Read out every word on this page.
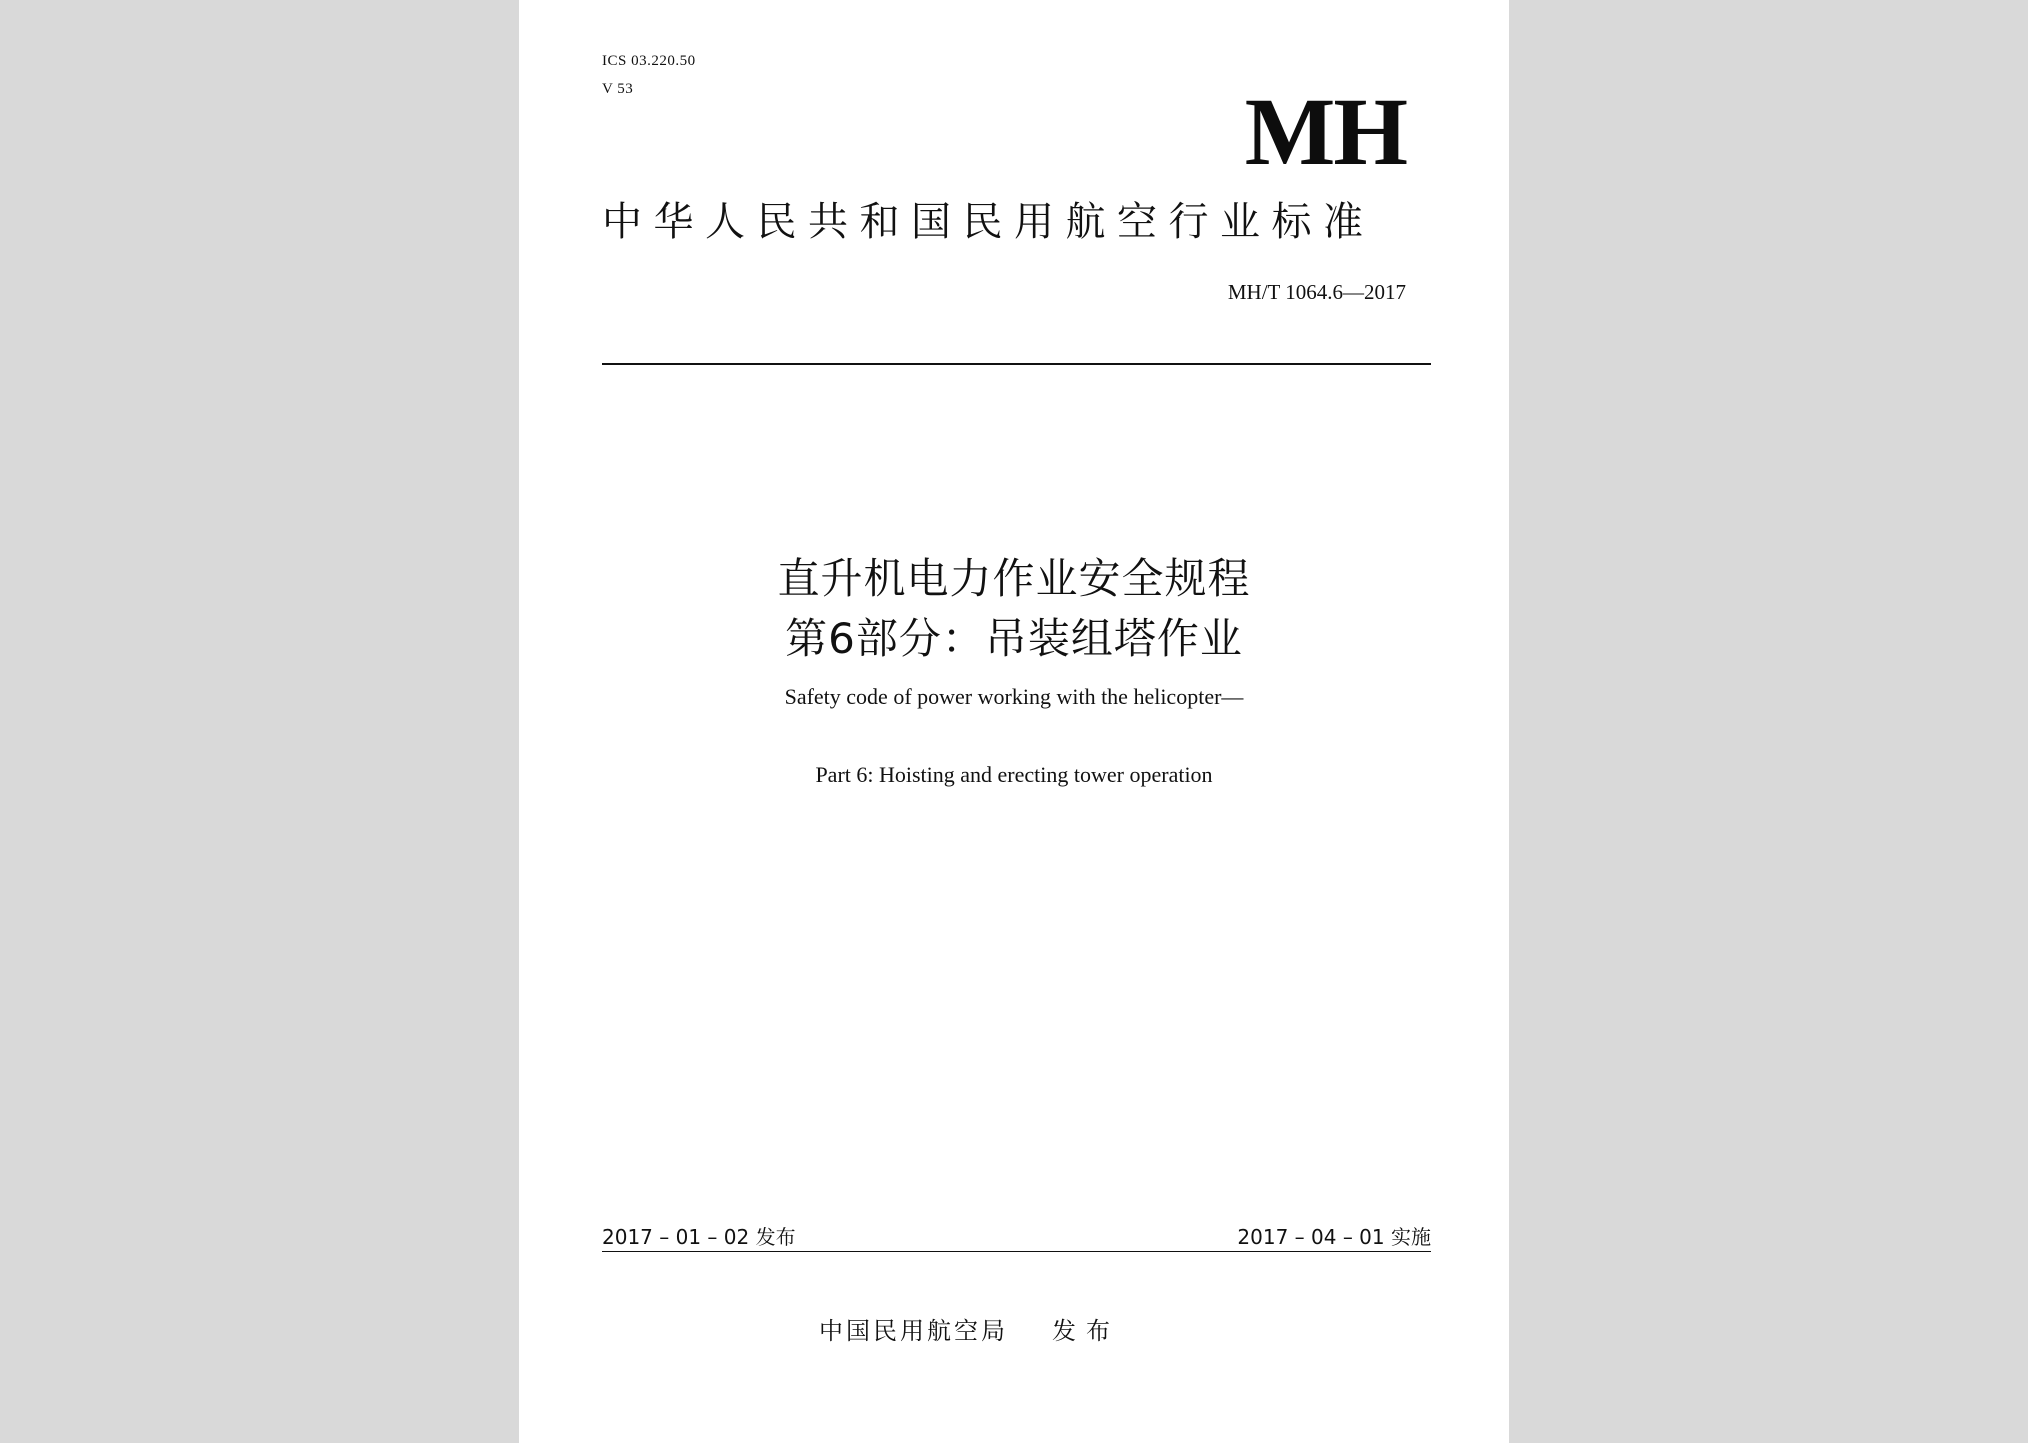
ICS 03.220.50
V 53	MH
中华人民共和国民用航空行业标准
MH/T 1064.6—2017
直升机电力作业安全规程
第6部分：吊装组塔作业
Safety code of power working with the helicopter—
Part 6: Hoisting and erecting tower operation
2017 – 01 – 02 发布	2017 – 04 – 01 实施
中国民用航空局 发布
